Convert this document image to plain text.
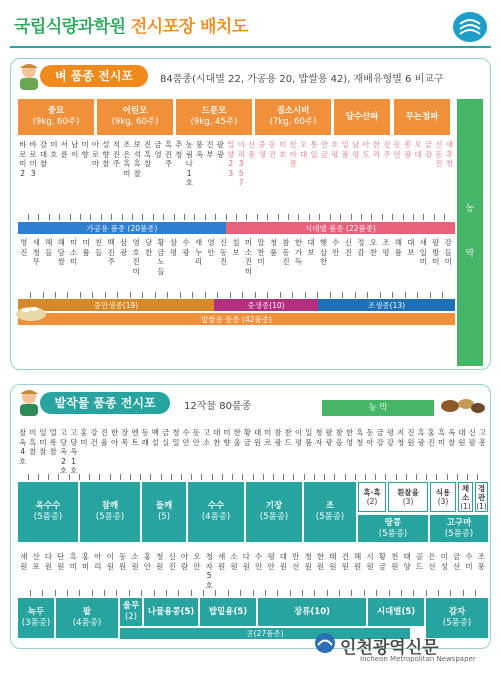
국립식량과학원 전시포장 배치도
벼 품종 전시포	84품종(시대별 22, 가공용 20, 밥쌀용 42), 재배유형별 6 비교구
중묘
(9kg, 60주)
어린모
(9kg, 60주)
드문모
(9kg, 45주)
질소시비
(7kg, 60주)
담수산파	무논점파
농

막
바로미2
바로미3
강대찰
미호
서륜
남이
미향
아로마
설향찰
적진주
조은흑미
보석흑찰
진흑찰
금영
흑진주
추청
농림나1호
풍옥
진부
팔광
밀양23
이리357
신풍
중생
동진
미호
한아름
오대
통일
만금
호평
일품
남평
아도
한라
진주
동안
봉광
오대
금강
신동진
새추청
가공용 품종 (20품종)	시대별 품종 (22품종)
영진
새청무
해들
해담쌀
미소미
미품
친들
백진주
삼광
영호진미
당찬
황금노들
삼평
수광
새누리
영안
신동진
칠보
미소진미
알찬미
청품
참동진
한가득
대보
햇살찬
수안
신진
정감
오찬
조평
해품
대보
새일미
팔방미
강들미
중만생종(19)	중생종(10)	조생종(13)
밥쌀용 품종 (42품종)
밭작물 품종 전시포	12작물 80품종	농 막
찰옥4호
미흑찰
일미찰
얼룩찰
고당옥2호
고당옥1호
홍미
강건
진율
한아
장목
엔트
동래
백설
금실
청밀
수안
동안
고소
대찬
미향
한울
황금
대원
미르
참광
찬드
이평
일품
청자
팔광
참올
한영
흑청
동아
금강
평강
지청
진원
흑광
홍진
흑미
옥찰
대원
신팔
고흥
옥수수
(5품종)
참깨
(5품종)
들깨
(5)
수수
(4품종)
기장
(5품종)
조
(5품종)
흑·흑
(2)
흰찰율
(3)
식용
(3)
채소
(1)
경관
(1)
땅콩
(5품종)
고구마
(5품종)
새원
산포
다원
단원
흑미
홍미
아리
이원
동원
소원
홍안
청원
신진
아람
오안
청자5호
새원
소원
다원
수안
평안
대원
만선
청원
한원
태원
건원
해원
시원
황금
천원
태양
골드
은선
미성
금선
수미
조풍
녹두
(3품종)
팥
(4품종)
율무
(2)
나물용콩(5) 밥밑용(5)	장류(10)	시대별(5)	감자
(5품종)
콩(27품종)
인천광역신문
Incheon Metropolitan Newspaper
